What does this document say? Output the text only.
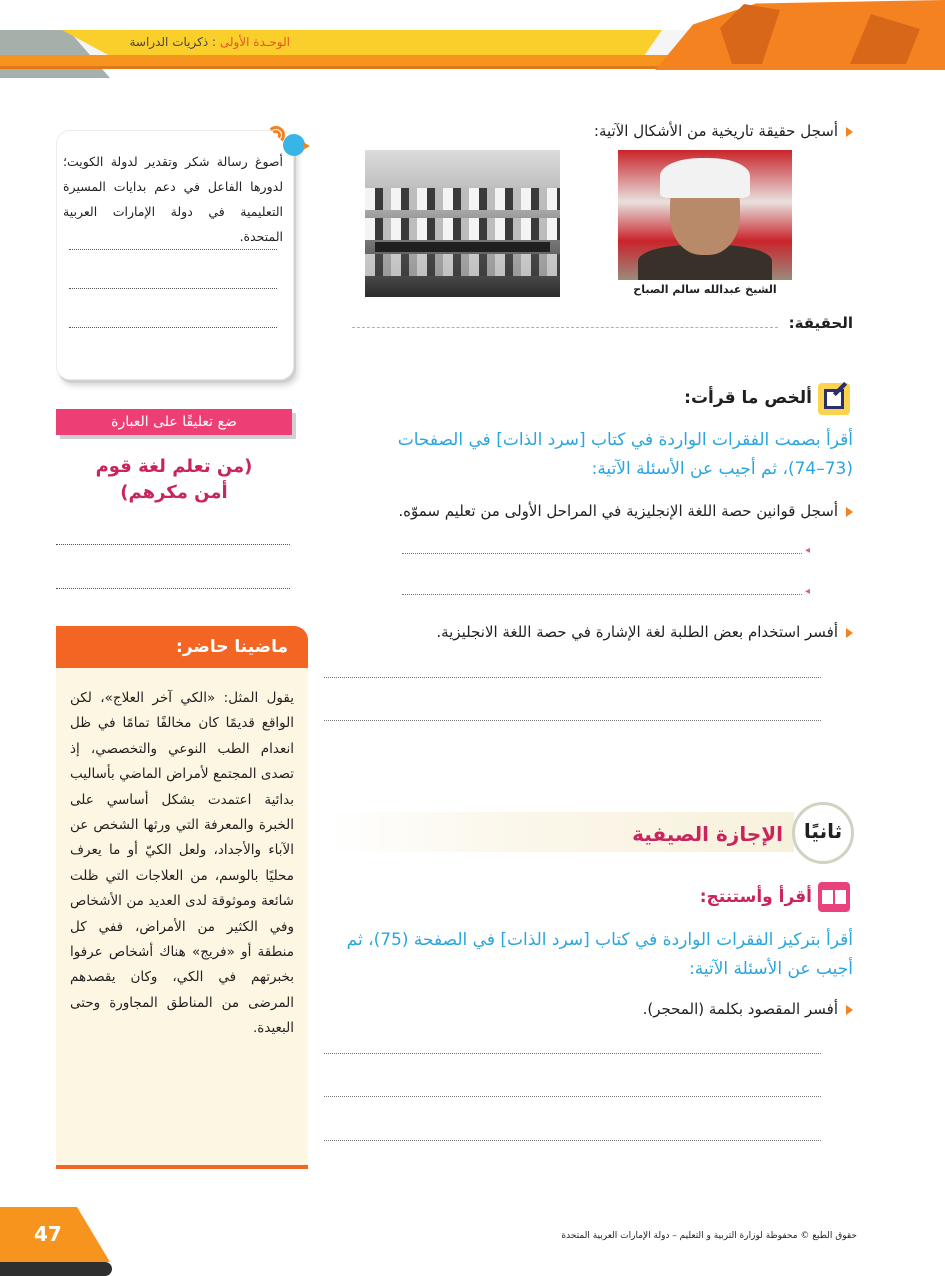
الوحـدة الأولى : ذكريات الدراسة
أسجل حقيقة تاريخية من الأشكال الآتية:
الشيخ عبدالله سالم الصباح
الحقيقة:
ألخص ما قرأت:
أقرأ بصمت الفقرات الواردة في كتاب [سرد الذات] في الصفحات
(73–74)، ثم أجيب عن الأسئلة الآتية:
أسجل قوانين حصة اللغة الإنجليزية في المراحل الأولى من تعليم سموّه.
◂
◂
أفسر استخدام بعض الطلبة لغة الإشارة في حصة اللغة الانجليزية.
ثانيًا
الإجازة الصيفية
أقرأ وأستنتج:
أقرأ بتركيز الفقرات الواردة في كتاب [سرد الذات] في الصفحة (75)، ثم
أجيب عن الأسئلة الآتية:
أفسر المقصود بكلمة (المحجر).
أصوغ رسالة شكر وتقدير لدولة الكويت؛ لدورها الفاعل في دعم بدايات المسيرة التعليمية في دولة الإمارات العربية المتحدة.
ضع تعليقًا على العبارة
(من تعلم لغة قوم
أمن مكرهم)
ماضينا حاضر:
يقول المثل: «الكي آخر العلاج»، لكن الواقع قديمًا كان مخالفًا تمامًا في ظل انعدام الطب النوعي والتخصصي، إذ تصدى المجتمع لأمراض الماضي بأساليب بدائية اعتمدت بشكل أساسي على الخبرة والمعرفة التي ورثها الشخص عن الآباء والأجداد، ولعل الكيّ أو ما يعرف محليًا بالوسم، من العلاجات التي ظلت شائعة وموثوقة لدى العديد من الأشخاص وفي الكثير من الأمراض، ففي كل منطقة أو «فريج» هناك أشخاص عرفوا بخبرتهم في الكي، وكان يقصدهم المرضى من المناطق المجاورة وحتى البعيدة.
47	حقوق الطبع © محفوظة لوزارة التربية و التعليم – دولة الإمارات العربية المتحدة
